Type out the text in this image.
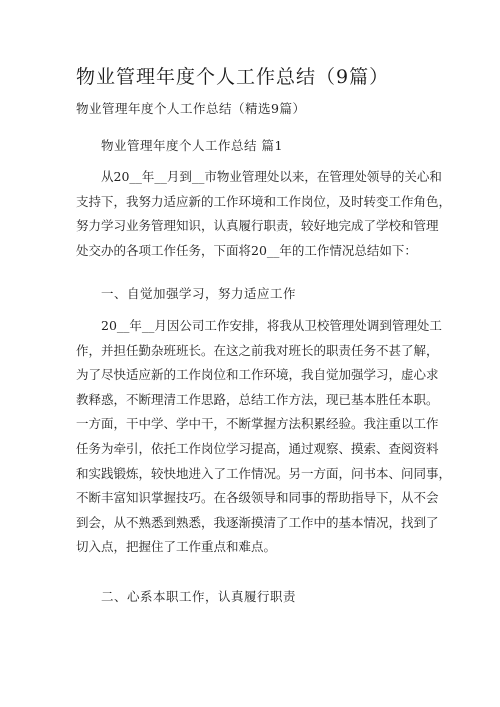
物业管理年度个人工作总结（9篇）
物业管理年度个人工作总结（精选9篇）
物业管理年度个人工作总结 篇1
从20__年__月到__市物业管理处以来，在管理处领导的关心和
支持下，我努力适应新的工作环境和工作岗位，及时转变工作角色，
努力学习业务管理知识，认真履行职责，较好地完成了学校和管理
处交办的各项工作任务，下面将20__年的工作情况总结如下：
一、自觉加强学习，努力适应工作
20__年__月因公司工作安排，将我从卫校管理处调到管理处工
作，并担任勤杂班班长。在这之前我对班长的职责任务不甚了解，
为了尽快适应新的工作岗位和工作环境，我自觉加强学习，虚心求
教释惑，不断理清工作思路，总结工作方法，现已基本胜任本职。
一方面，干中学、学中干，不断掌握方法积累经验。我注重以工作
任务为牵引，依托工作岗位学习提高，通过观察、摸索、查阅资料
和实践锻炼，较快地进入了工作情况。另一方面，问书本、问同事，
不断丰富知识掌握技巧。在各级领导和同事的帮助指导下，从不会
到会，从不熟悉到熟悉，我逐渐摸清了工作中的基本情况，找到了
切入点，把握住了工作重点和难点。
二、心系本职工作，认真履行职责
